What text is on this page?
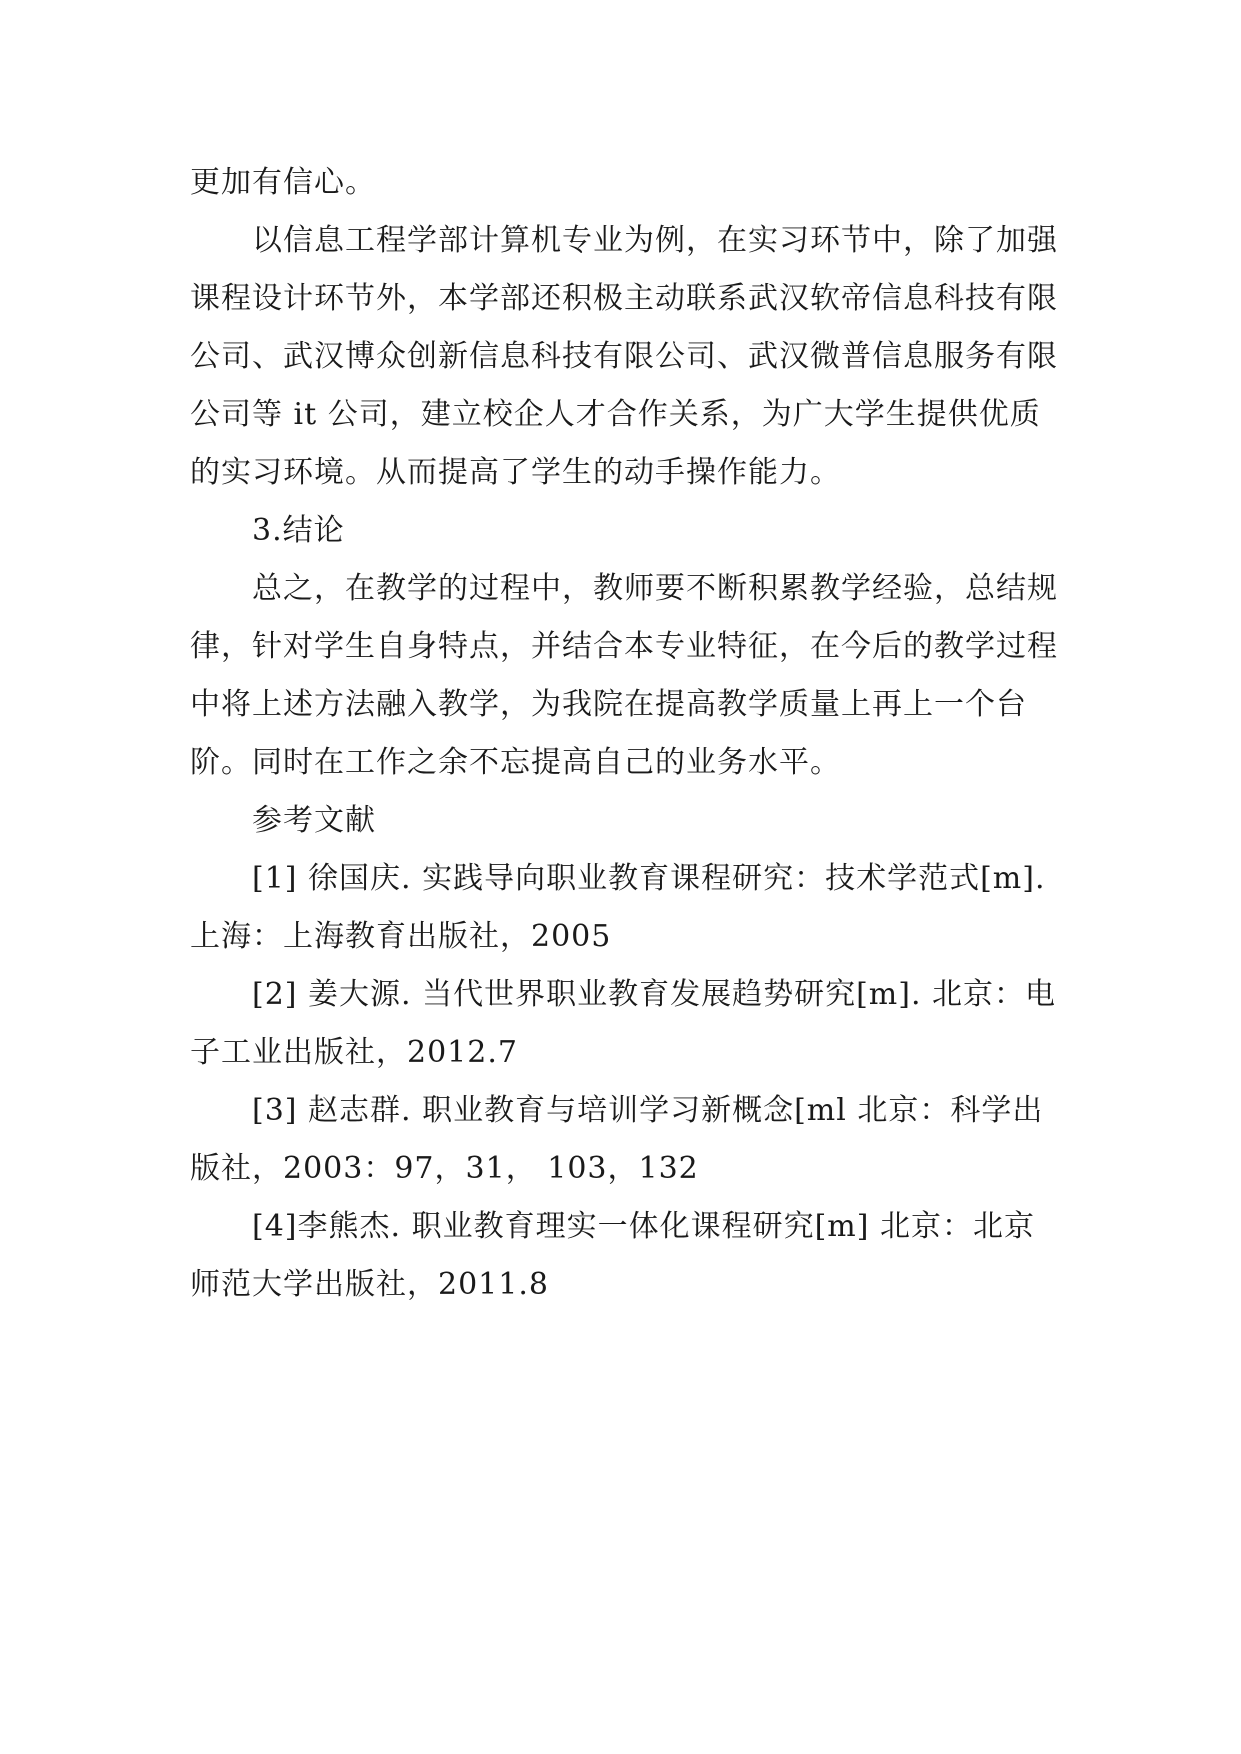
更加有信心。

以信息工程学部计算机专业为例，在实习环节中，除了加强课程设计环节外，本学部还积极主动联系武汉软帝信息科技有限公司、武汉博众创新信息科技有限公司、武汉微普信息服务有限公司等 it 公司，建立校企人才合作关系，为广大学生提供优质的实习环境。从而提高了学生的动手操作能力。

3.结论

总之，在教学的过程中，教师要不断积累教学经验，总结规律，针对学生自身特点，并结合本专业特征，在今后的教学过程中将上述方法融入教学，为我院在提高教学质量上再上一个台阶。同时在工作之余不忘提高自己的业务水平。

参考文献

[1] 徐国庆. 实践导向职业教育课程研究：技术学范式[m]. 上海：上海教育出版社，2005

[2] 姜大源. 当代世界职业教育发展趋势研究[m]. 北京：电子工业出版社，2012.7

[3] 赵志群. 职业教育与培训学习新概念[ml 北京：科学出版社，2003：97，31， 103，132

[4]李熊杰. 职业教育理实一体化课程研究[m] 北京：北京师范大学出版社，2011.8
